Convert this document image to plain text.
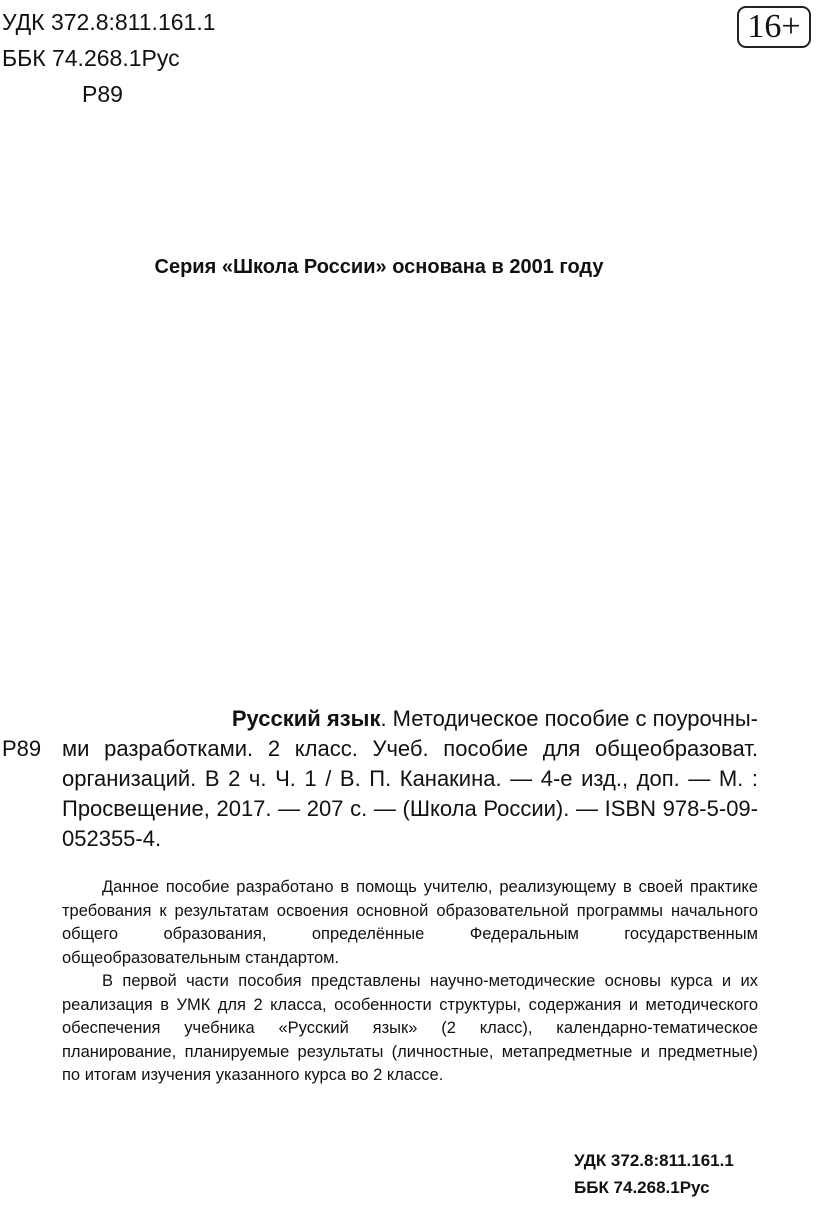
УДК 372.8:811.161.1
ББК 74.268.1Рус
Р89
16+
Серия «Школа России» основана в 2001 году
Р89
Русский язык. Методическое пособие с поурочны-
ми разработками. 2 класс. Учеб. пособие для общеобразоват. организаций. В 2 ч. Ч. 1 / В. П. Канакина. — 4-е изд., доп. — М. : Просвещение, 2017. — 207 с. — (Школа России). — ISBN 978-5-09-052355-4.

Данное пособие разработано в помощь учителю, реализующему в своей практике требования к результатам освоения основной образовательной программы начального общего образования, определённые Федеральным государственным общеобразовательным стандартом.

В первой части пособия представлены научно-методические основы курса и их реализация в УМК для 2 класса, особенности структуры, содержания и методического обеспечения учебника «Русский язык» (2 класс), календарно-тематическое планирование, планируемые результаты (личностные, метапредметные и предметные) по итогам изучения указанного курса во 2 классе.

УДК 372.8:811.161.1
ББК 74.268.1Рус
